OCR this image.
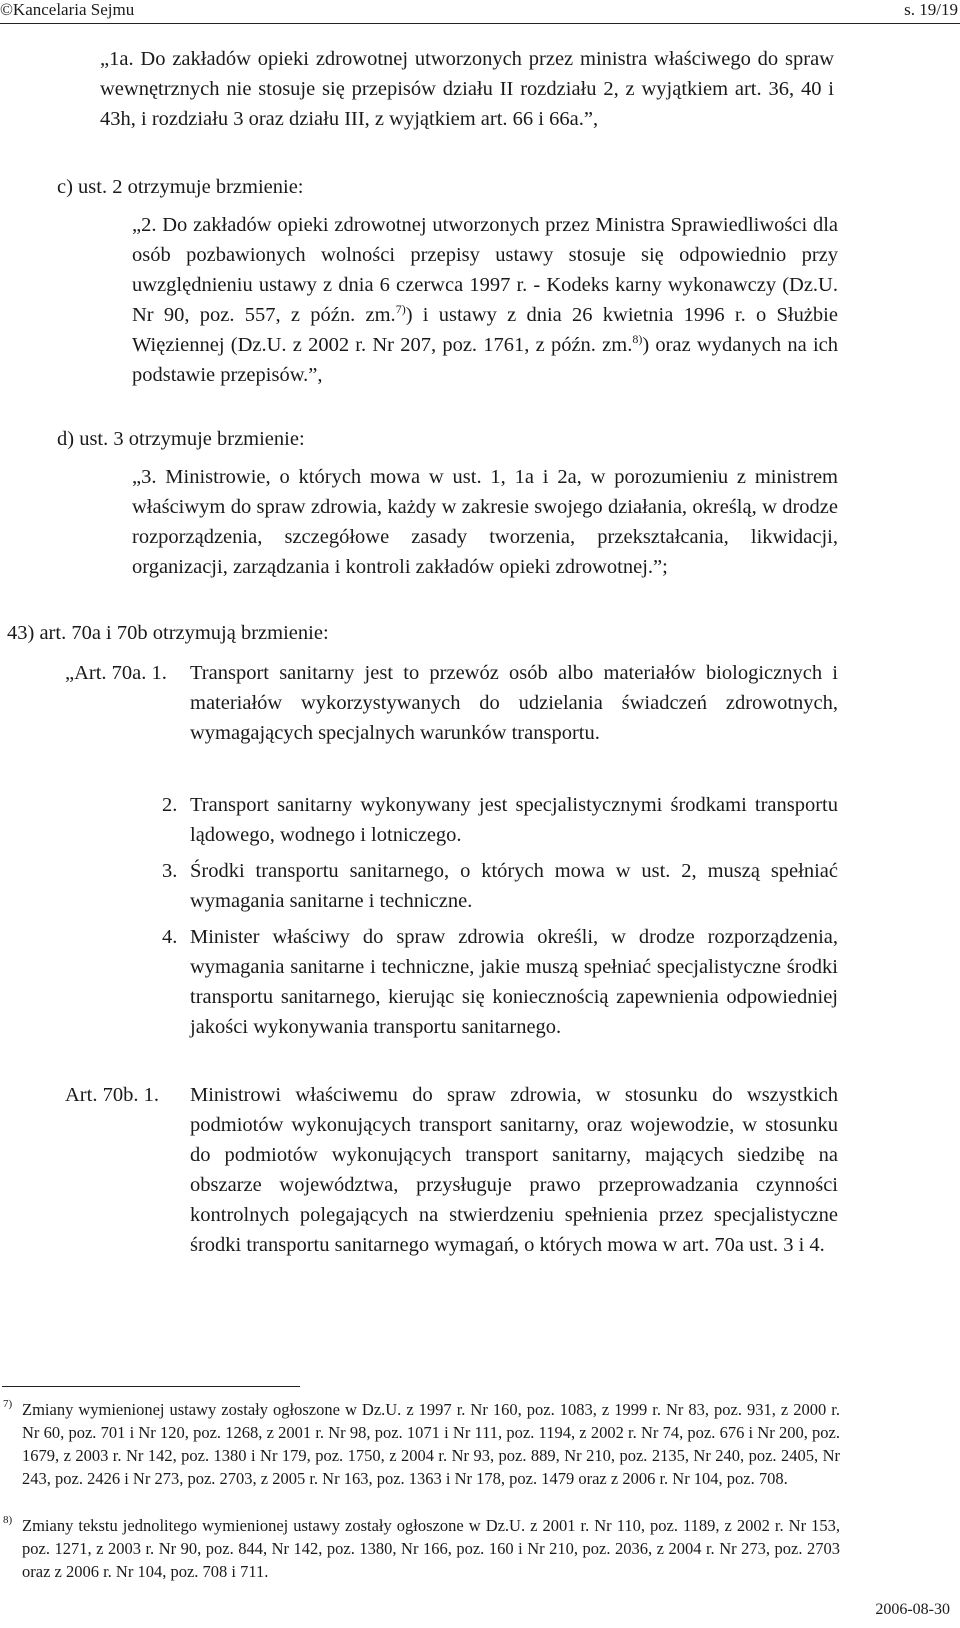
©Kancelaria Sejmu	s. 19/19

„1a. Do zakładów opieki zdrowotnej utworzonych przez ministra właściwego do spraw wewnętrznych nie stosuje się przepisów działu II rozdziału 2, z wyjątkiem art. 36, 40 i 43h, i rozdziału 3 oraz działu III, z wyjątkiem art. 66 i 66a.”,

c) ust. 2 otrzymuje brzmienie:

„2. Do zakładów opieki zdrowotnej utworzonych przez Ministra Sprawiedliwości dla osób pozbawionych wolności przepisy ustawy stosuje się odpowiednio przy uwzględnieniu ustawy z dnia 6 czerwca 1997 r. - Kodeks karny wykonawczy (Dz.U. Nr 90, poz. 557, z późn. zm.$^{7)}$) i ustawy z dnia 26 kwietnia 1996 r. o Służbie Więziennej (Dz.U. z 2002 r. Nr 207, poz. 1761, z późn. zm.$^{8)}$) oraz wydanych na ich podstawie przepisów.”,

d) ust. 3 otrzymuje brzmienie:

„3. Ministrowie, o których mowa w ust. 1, 1a i 2a, w porozumieniu z ministrem właściwym do spraw zdrowia, każdy w zakresie swojego działania, określą, w drodze rozporządzenia, szczegółowe zasady tworzenia, przekształcania, likwidacji, organizacji, zarządzania i kontroli zakładów opieki zdrowotnej.”;

43) art. 70a i 70b otrzymują brzmienie:

„Art. 70a. 1. Transport sanitarny jest to przewóz osób albo materiałów biologicznych i materiałów wykorzystywanych do udzielania świadczeń zdrowotnych, wymagających specjalnych warunków transportu.

2. Transport sanitarny wykonywany jest specjalistycznymi środkami transportu lądowego, wodnego i lotniczego.

3. Środki transportu sanitarnego, o których mowa w ust. 2, muszą spełniać wymagania sanitarne i techniczne.

4. Minister właściwy do spraw zdrowia określi, w drodze rozporządzenia, wymagania sanitarne i techniczne, jakie muszą spełniać specjalistyczne środki transportu sanitarnego, kierując się koniecznością zapewnienia odpowiedniej jakości wykonywania transportu sanitarnego.

Art. 70b. 1. Ministrowi właściwemu do spraw zdrowia, w stosunku do wszystkich podmiotów wykonujących transport sanitarny, oraz wojewodzie, w stosunku do podmiotów wykonujących transport sanitarny, mających siedzibę na obszarze województwa, przysługuje prawo przeprowadzania czynności kontrolnych polegających na stwierdzeniu spełnienia przez specjalistyczne środki transportu sanitarnego wymagań, o których mowa w art. 70a ust. 3 i 4.

7) Zmiany wymienionej ustawy zostały ogłoszone w Dz.U. z 1997 r. Nr 160, poz. 1083, z 1999 r. Nr 83, poz. 931, z 2000 r. Nr 60, poz. 701 i Nr 120, poz. 1268, z 2001 r. Nr 98, poz. 1071 i Nr 111, poz. 1194, z 2002 r. Nr 74, poz. 676 i Nr 200, poz. 1679, z 2003 r. Nr 142, poz. 1380 i Nr 179, poz. 1750, z 2004 r. Nr 93, poz. 889, Nr 210, poz. 2135, Nr 240, poz. 2405, Nr 243, poz. 2426 i Nr 273, poz. 2703, z 2005 r. Nr 163, poz. 1363 i Nr 178, poz. 1479 oraz z 2006 r. Nr 104, poz. 708.

8) Zmiany tekstu jednolitego wymienionej ustawy zostały ogłoszone w Dz.U. z 2001 r. Nr 110, poz. 1189, z 2002 r. Nr 153, poz. 1271, z 2003 r. Nr 90, poz. 844, Nr 142, poz. 1380, Nr 166, poz. 160 i Nr 210, poz. 2036, z 2004 r. Nr 273, poz. 2703 oraz z 2006 r. Nr 104, poz. 708 i 711.

2006-08-30
